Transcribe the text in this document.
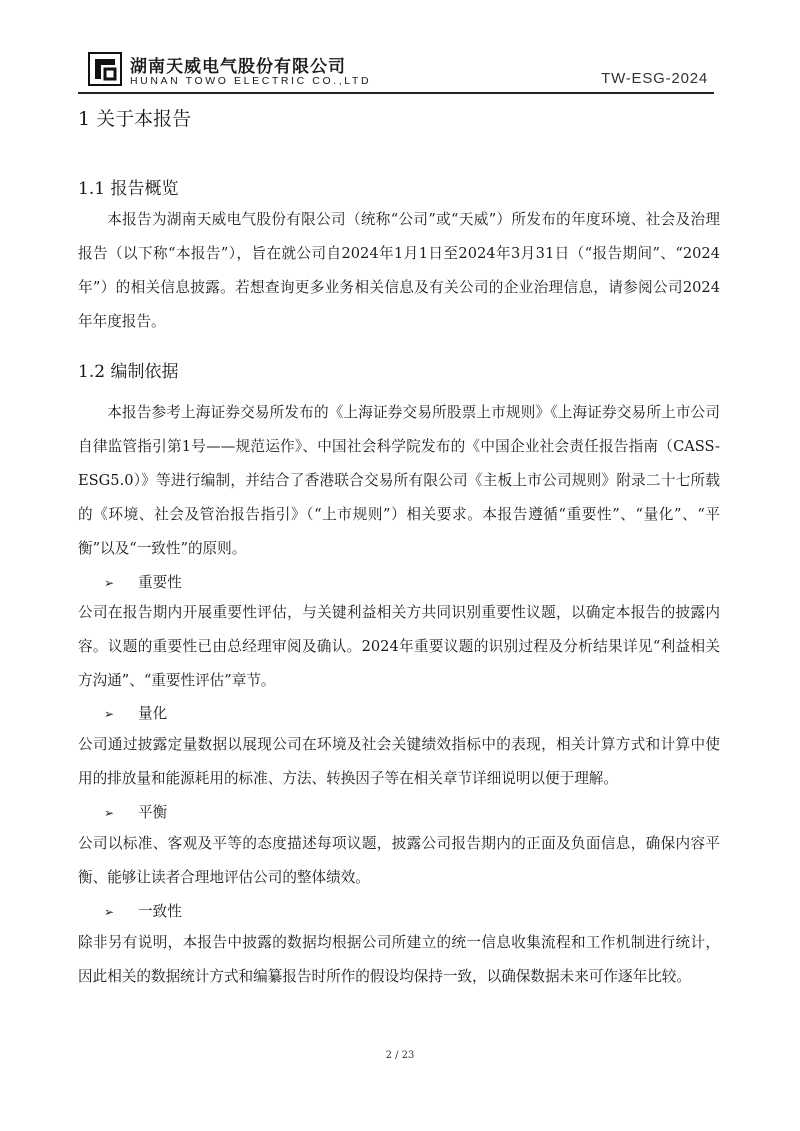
湖南天威电气股份有限公司
HUNAN TOWO ELECTRIC CO.,LTD	TW-ESG-2024
1 关于本报告
1.1 报告概览

本报告为湖南天威电气股份有限公司（统称“公司”或“天威”）所发布的年度环境、社会及治理报告（以下称“本报告”），旨在就公司自2024年1月1日至2024年3月31日（“报告期间”、“2024年”）的相关信息披露。若想查询更多业务相关信息及有关公司的企业治理信息，请参阅公司2024年年度报告。

1.2 编制依据

本报告参考上海证券交易所发布的《上海证券交易所股票上市规则》《上海证券交易所上市公司自律监管指引第1号——规范运作》、中国社会科学院发布的《中国企业社会责任报告指南（CASS-ESG5.0）》等进行编制，并结合了香港联合交易所有限公司《主板上市公司规则》附录二十七所载的《环境、社会及管治报告指引》（“上市规则”）相关要求。本报告遵循“重要性”、“量化”、“平衡”以及“一致性”的原则。

➢ 重要性

公司在报告期内开展重要性评估，与关键利益相关方共同识别重要性议题，以确定本报告的披露内容。议题的重要性已由总经理审阅及确认。2024年重要议题的识别过程及分析结果详见“利益相关方沟通”、“重要性评估”章节。

➢ 量化

公司通过披露定量数据以展现公司在环境及社会关键绩效指标中的表现，相关计算方式和计算中使用的排放量和能源耗用的标准、方法、转换因子等在相关章节详细说明以便于理解。

➢ 平衡

公司以标准、客观及平等的态度描述每项议题，披露公司报告期内的正面及负面信息，确保内容平衡、能够让读者合理地评估公司的整体绩效。

➢ 一致性

除非另有说明，本报告中披露的数据均根据公司所建立的统一信息收集流程和工作机制进行统计，因此相关的数据统计方式和编纂报告时所作的假设均保持一致，以确保数据未来可作逐年比较。

2 / 23
